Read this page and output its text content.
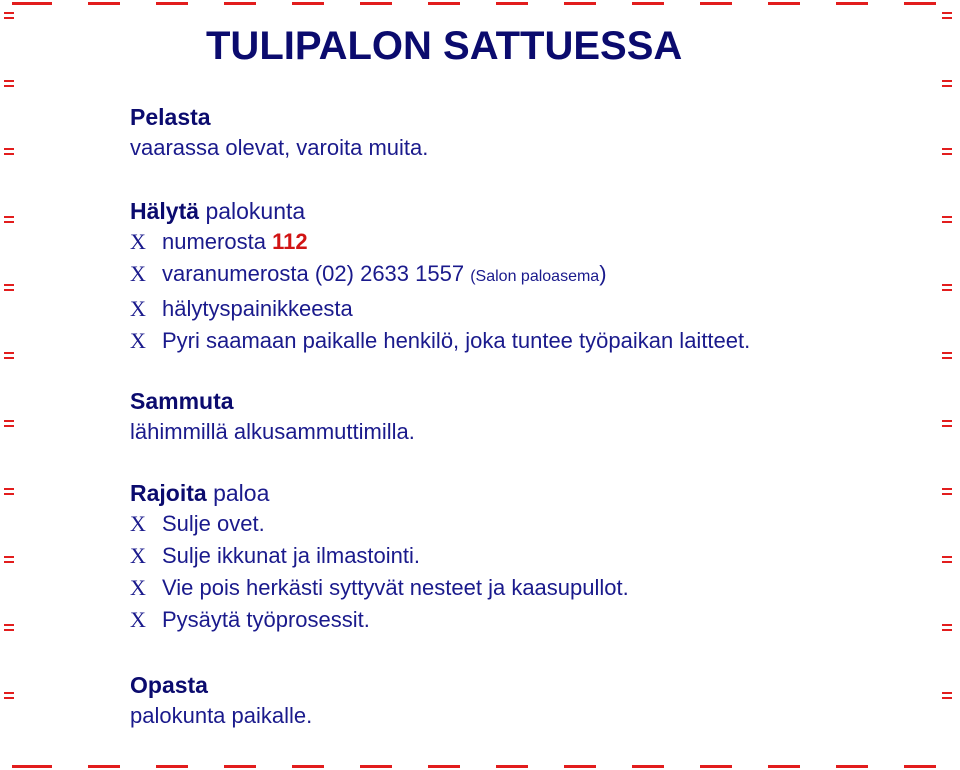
TULIPALON SATTUESSA
Pelasta
vaarassa olevat, varoita muita.
Hälytä palokunta
X numerosta 112
X varanumerosta (02) 2633 1557 (Salon paloasema)
X hälytyspainikkeesta
X Pyri saamaan paikalle henkilö, joka tuntee työpaikan laitteet.
Sammuta
lähimmillä alkusammuttimilla.
Rajoita paloa
X Sulje ovet.
X Sulje ikkunat ja ilmastointi.
X Vie pois herkästi syttyvät nesteet ja kaasupullot.
X Pysäytä työprosessit.
Opasta
palokunta paikalle.
